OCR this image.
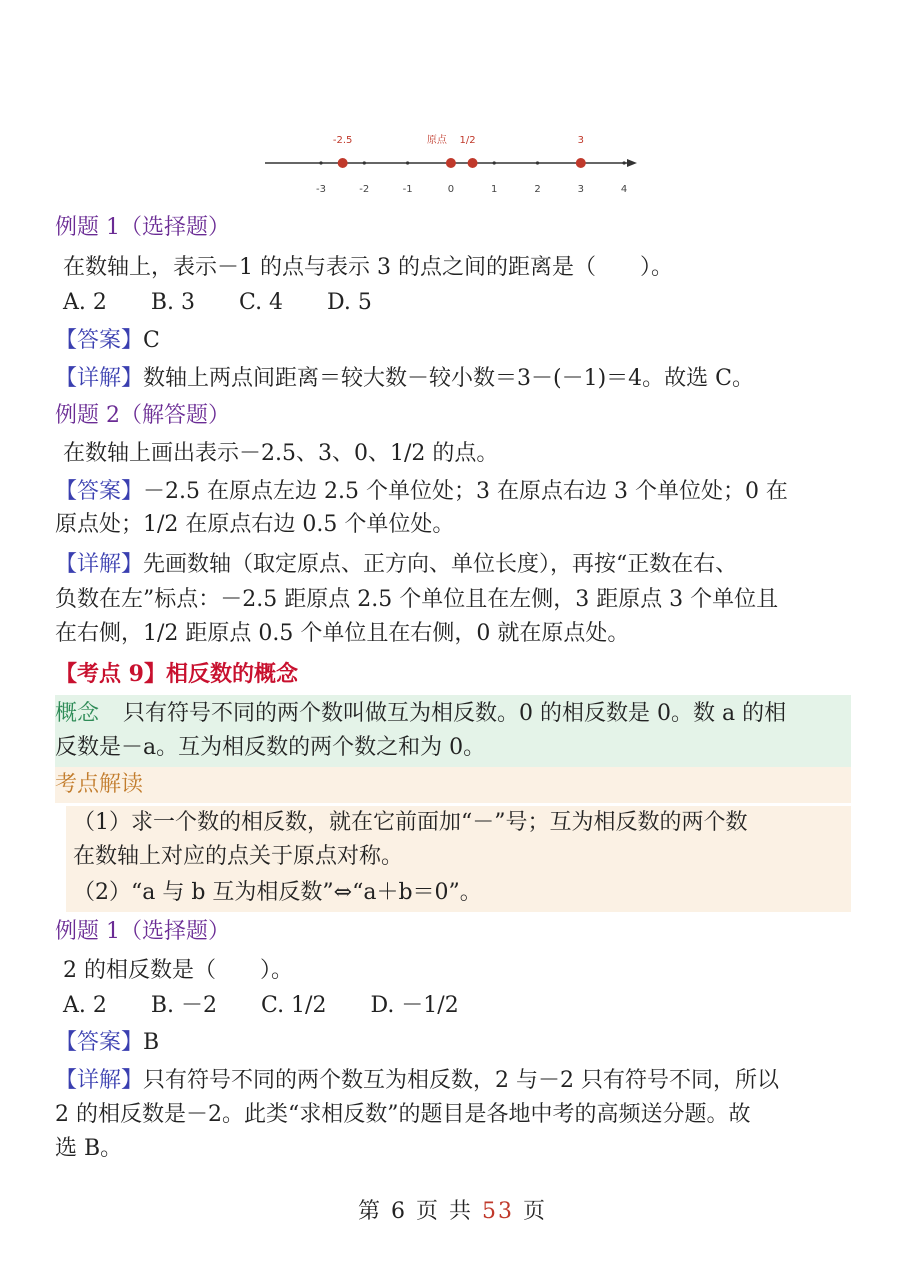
-3	-2	-1	0	1	2	3	4
-2.5	原点 1/2	3
例题 1（选择题）
在数轴上，表示－1 的点与表示 3 的点之间的距离是（　　）。
A. 2　　B. 3　　C. 4　　D. 5
【答案】C
【详解】数轴上两点间距离＝较大数－较小数＝3－(－1)＝4。故选 C。
例题 2（解答题）
在数轴上画出表示－2.5、3、0、1/2 的点。
【答案】－2.5 在原点左边 2.5 个单位处；3 在原点右边 3 个单位处；0 在
原点处；1/2 在原点右边 0.5 个单位处。
【详解】先画数轴（取定原点、正方向、单位长度），再按“正数在右、
负数在左”标点：－2.5 距原点 2.5 个单位且在左侧，3 距原点 3 个单位且
在右侧，1/2 距原点 0.5 个单位且在右侧，0 就在原点处。
【考点 9】相反数的概念
概念 只有符号不同的两个数叫做互为相反数。0 的相反数是 0。数 a 的相
反数是－a。互为相反数的两个数之和为 0。
考点解读
（1）求一个数的相反数，就在它前面加“－”号；互为相反数的两个数
在数轴上对应的点关于原点对称。
（2）“a 与 b 互为相反数”⇔“a＋b＝0”。
例题 1（选择题）
2 的相反数是（　　）。
A. 2　　B. －2　　C. 1/2　　D. －1/2
【答案】B
【详解】只有符号不同的两个数互为相反数，2 与－2 只有符号不同，所以
2 的相反数是－2。此类“求相反数”的题目是各地中考的高频送分题。故
选 B。
第 6 页 共 53 页
